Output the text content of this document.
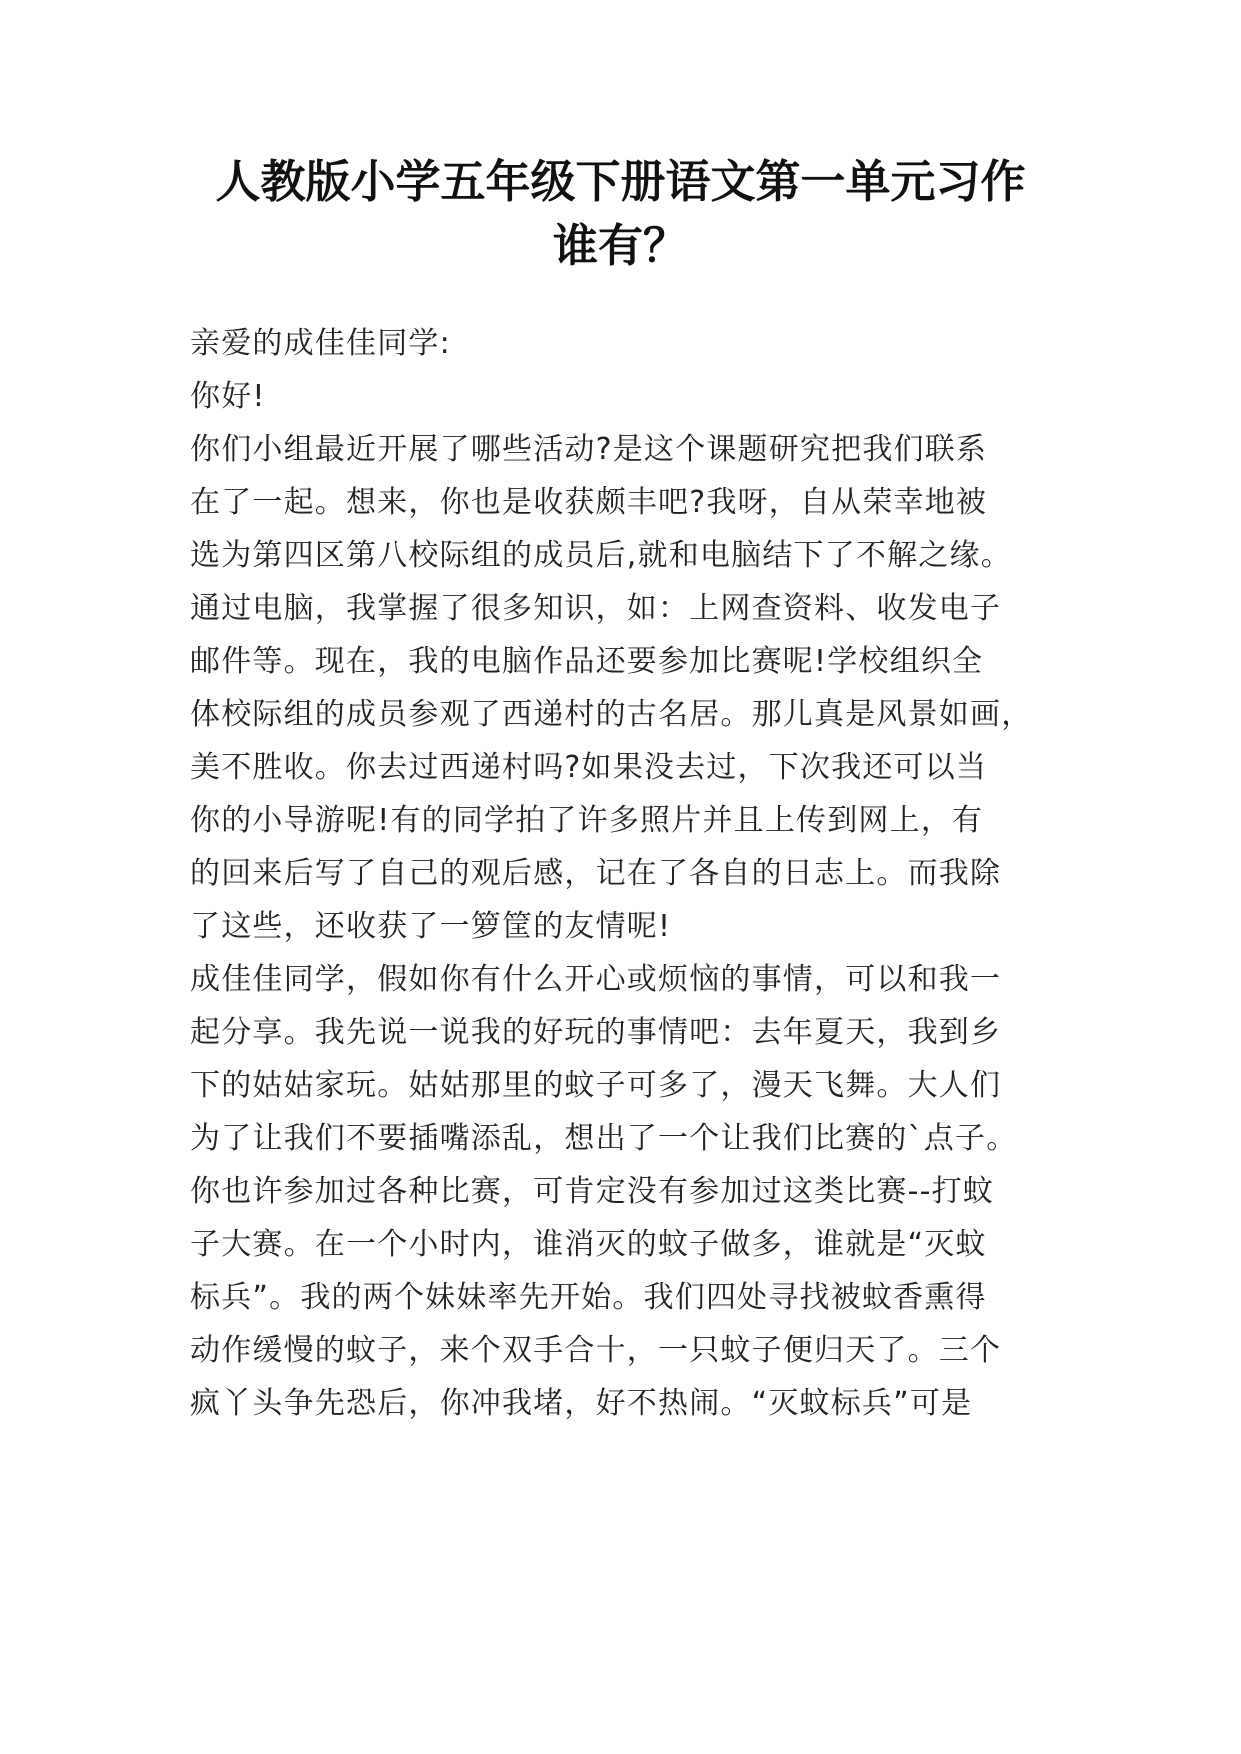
人教版小学五年级下册语文第一单元习作
谁有？
亲爱的成佳佳同学:
你好!
你们小组最近开展了哪些活动?是这个课题研究把我们联系
在了一起。想来，你也是收获颇丰吧?我呀，自从荣幸地被
选为第四区第八校际组的成员后,就和电脑结下了不解之缘。
通过电脑，我掌握了很多知识，如：上网查资料、收发电子
邮件等。现在，我的电脑作品还要参加比赛呢!学校组织全
体校际组的成员参观了西递村的古名居。那儿真是风景如画，
美不胜收。你去过西递村吗?如果没去过，下次我还可以当
你的小导游呢!有的同学拍了许多照片并且上传到网上，有
的回来后写了自己的观后感，记在了各自的日志上。而我除
了这些，还收获了一箩筐的友情呢!
成佳佳同学，假如你有什么开心或烦恼的事情，可以和我一
起分享。我先说一说我的好玩的事情吧：去年夏天，我到乡
下的姑姑家玩。姑姑那里的蚊子可多了，漫天飞舞。大人们
为了让我们不要插嘴添乱，想出了一个让我们比赛的`点子。
你也许参加过各种比赛，可肯定没有参加过这类比赛--打蚊
子大赛。在一个小时内，谁消灭的蚊子做多，谁就是“灭蚊
标兵”。我的两个妹妹率先开始。我们四处寻找被蚊香熏得
动作缓慢的蚊子，来个双手合十，一只蚊子便归天了。三个
疯丫头争先恐后，你冲我堵，好不热闹。“灭蚊标兵”可是
